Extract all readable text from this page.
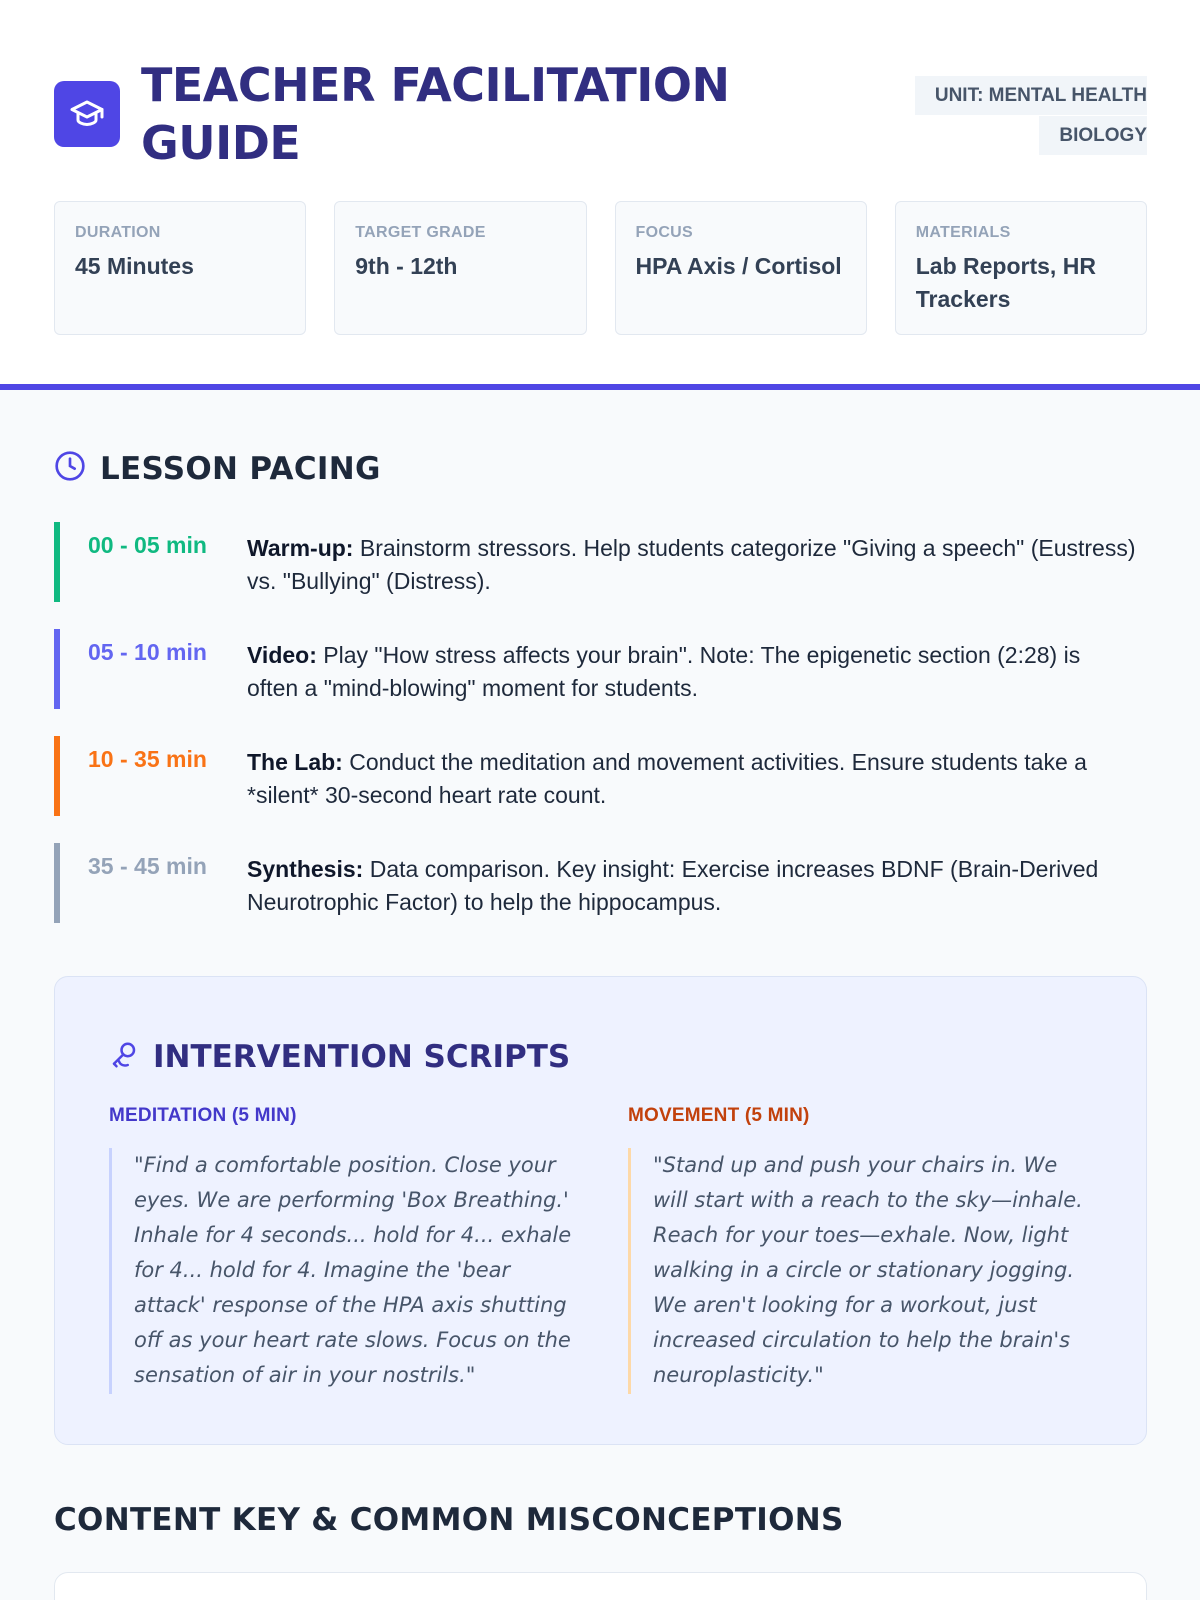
TEACHER FACILITATION GUIDE
UNIT: MENTAL HEALTH BIOLOGY
DURATION
45 Minutes
TARGET GRADE
9th - 12th
FOCUS
HPA Axis / Cortisol
MATERIALS
Lab Reports, HR Trackers
LESSON PACING
00 - 05 min Warm-up: Brainstorm stressors. Help students categorize "Giving a speech" (Eustress) vs. "Bullying" (Distress).
05 - 10 min Video: Play "How stress affects your brain". Note: The epigenetic section (2:28) is often a "mind-blowing" moment for students.
10 - 35 min The Lab: Conduct the meditation and movement activities. Ensure students take a *silent* 30-second heart rate count.
35 - 45 min Synthesis: Data comparison. Key insight: Exercise increases BDNF (Brain-Derived Neurotrophic Factor) to help the hippocampus.
INTERVENTION SCRIPTS
MEDITATION (5 MIN)
"Find a comfortable position. Close your eyes. We are performing 'Box Breathing.' Inhale for 4 seconds... hold for 4... exhale for 4... hold for 4. Imagine the 'bear attack' response of the HPA axis shutting off as your heart rate slows. Focus on the sensation of air in your nostrils."
MOVEMENT (5 MIN)
"Stand up and push your chairs in. We will start with a reach to the sky—inhale. Reach for your toes—exhale. Now, light walking in a circle or stationary jogging. We aren't looking for a workout, just increased circulation to help the brain's neuroplasticity."
CONTENT KEY & COMMON MISCONCEPTIONS
